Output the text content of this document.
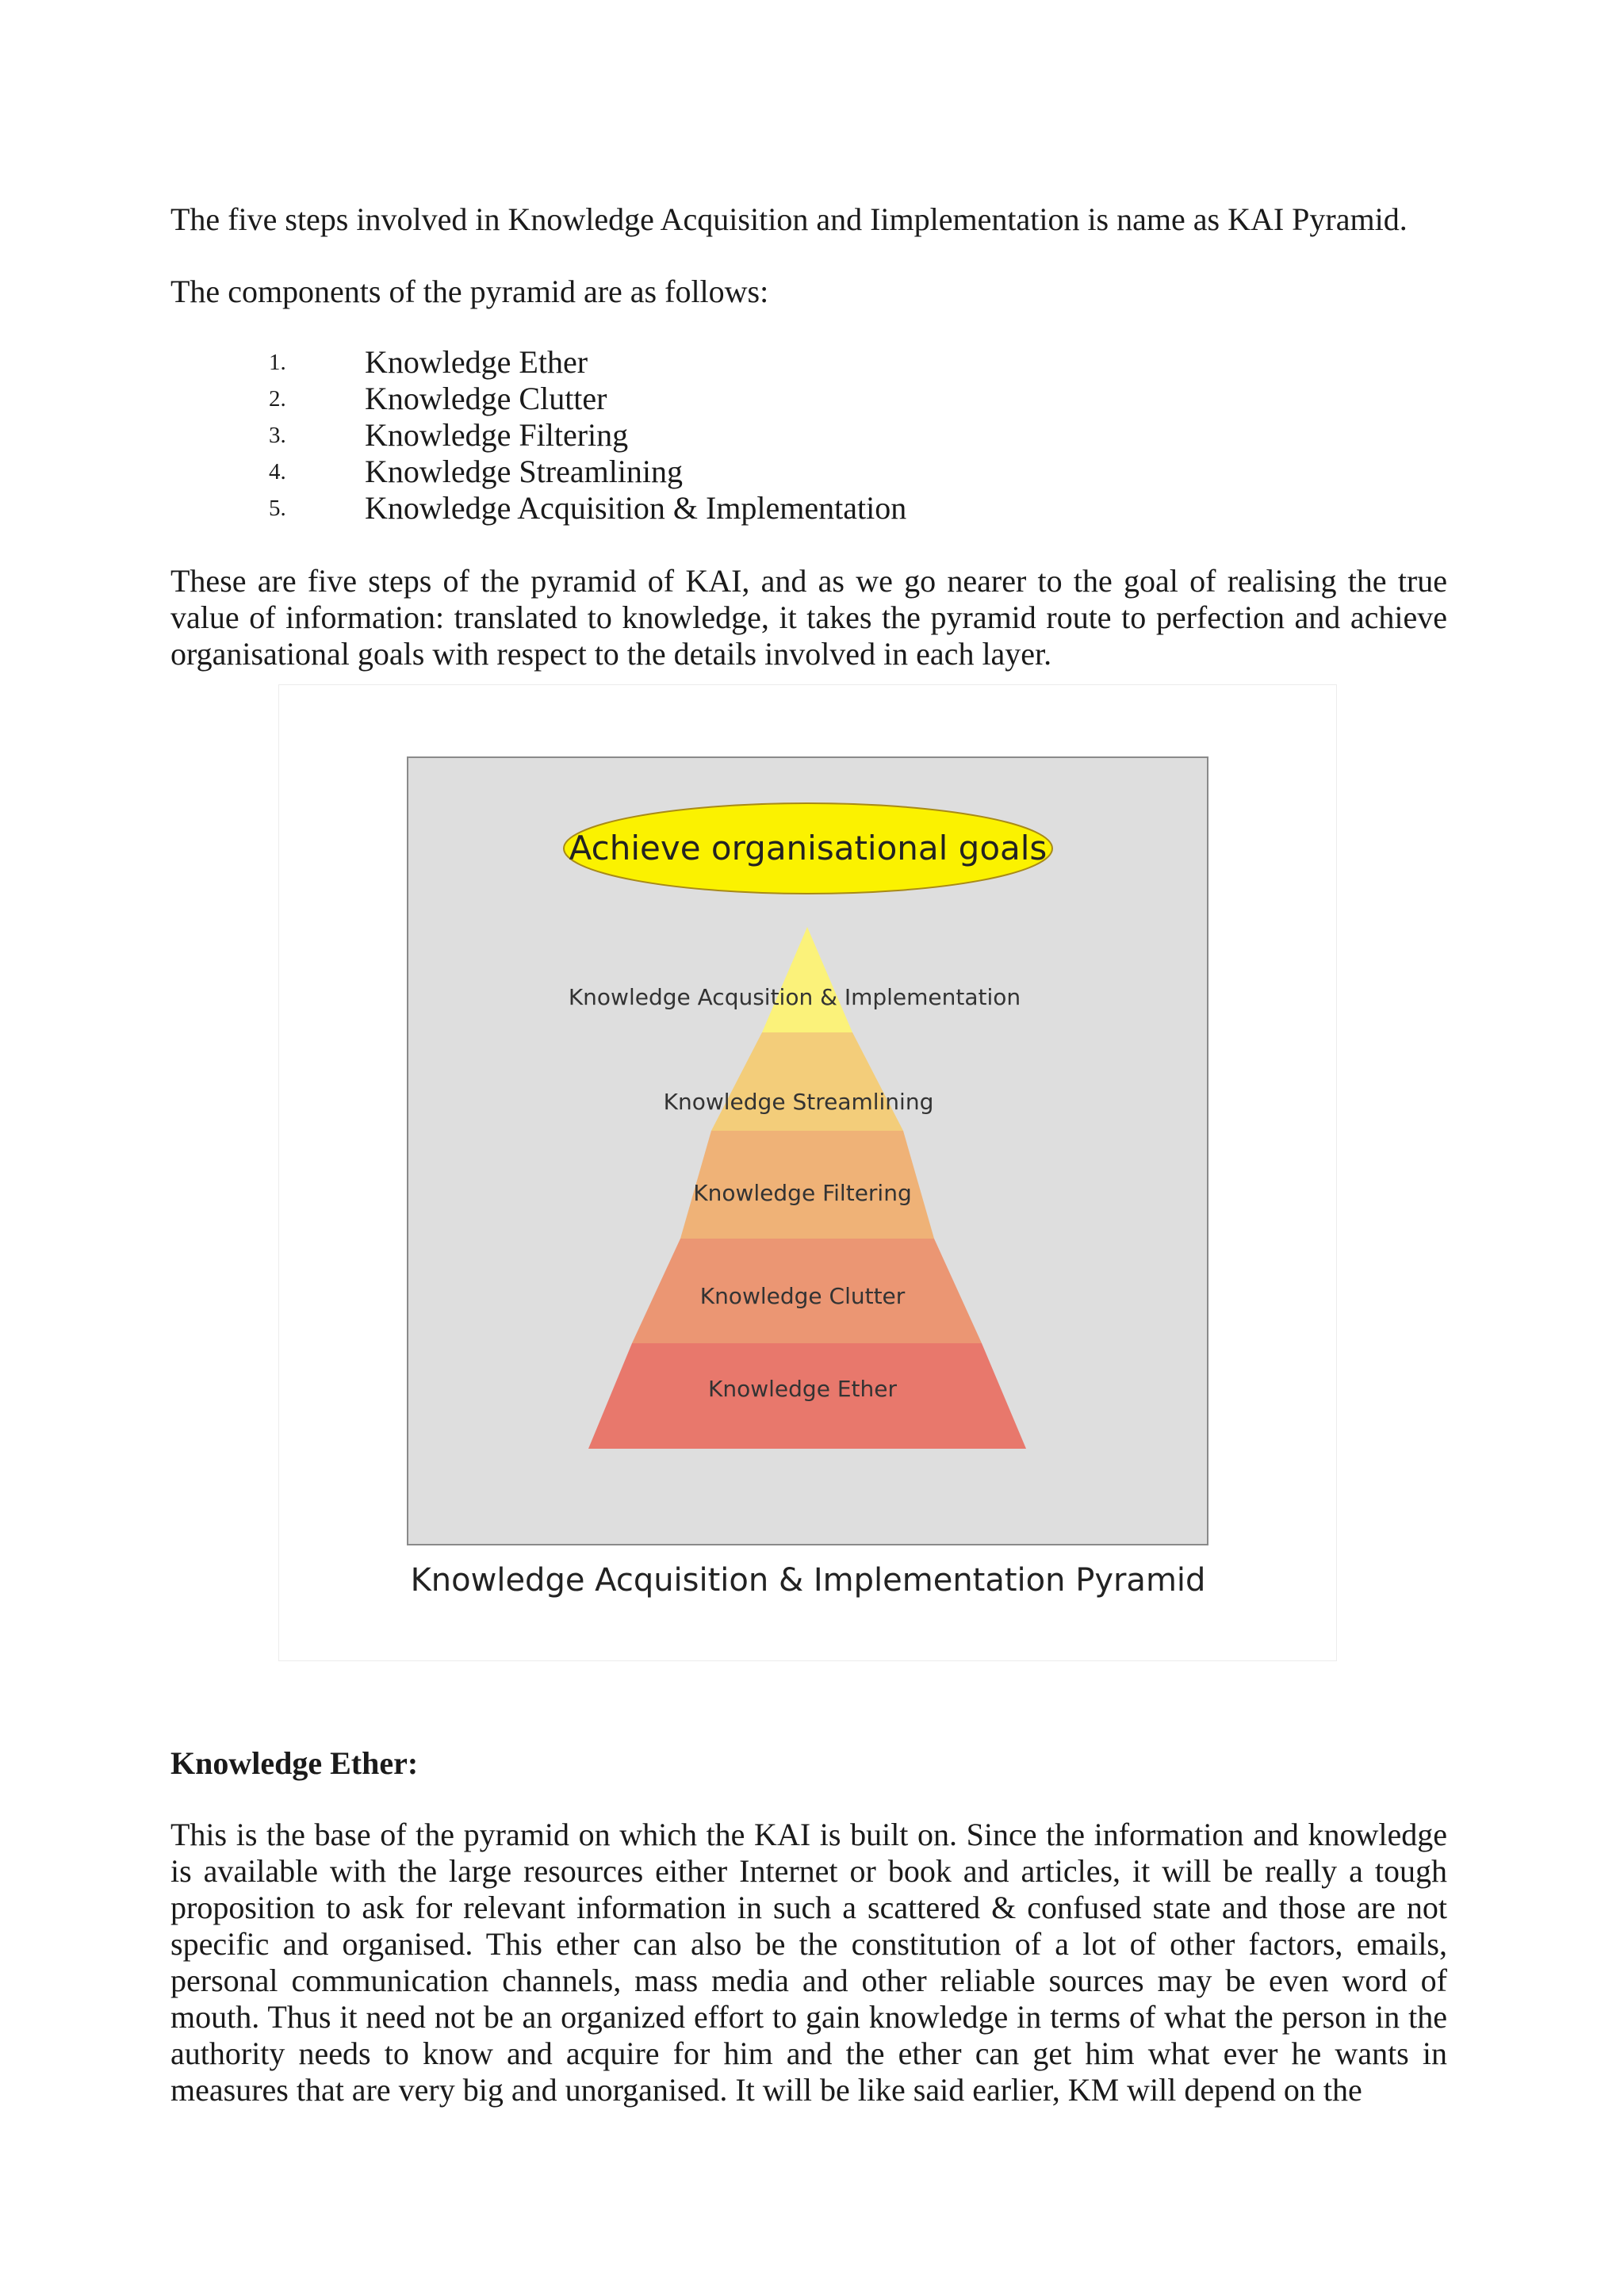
The five steps involved in Knowledge Acquisition and Iimplementation is name as KAI Pyramid.

The components of the pyramid are as follows:

1. Knowledge Ether
2. Knowledge Clutter
3. Knowledge Filtering
4. Knowledge Streamlining
5. Knowledge Acquisition & Implementation

These are five steps of the pyramid of KAI, and as we go nearer to the goal of realising the true value of information: translated to knowledge, it takes the pyramid route to perfection and achieve organisational goals with respect to the details involved in each layer.

Achieve organisational goals
Knowledge Acqusition & Implementation
Knowledge Streamlining
Knowledge Filtering
Knowledge Clutter
Knowledge Ether
Knowledge Acquisition & Implementation Pyramid

Knowledge Ether:

This is the base of the pyramid on which the KAI is built on. Since the information and knowledge is available with the large resources either Internet or book and articles, it will be really a tough proposition to ask for relevant information in such a scattered & confused state and those are not specific and organised. This ether can also be the constitution of a lot of other factors, emails, personal communication channels, mass media and other reliable sources may be even word of mouth. Thus it need not be an organized effort to gain knowledge in terms of what the person in the authority needs to know and acquire for him and the ether can get him what ever he wants in measures that are very big and unorganised. It will be like said earlier, KM will depend on the
